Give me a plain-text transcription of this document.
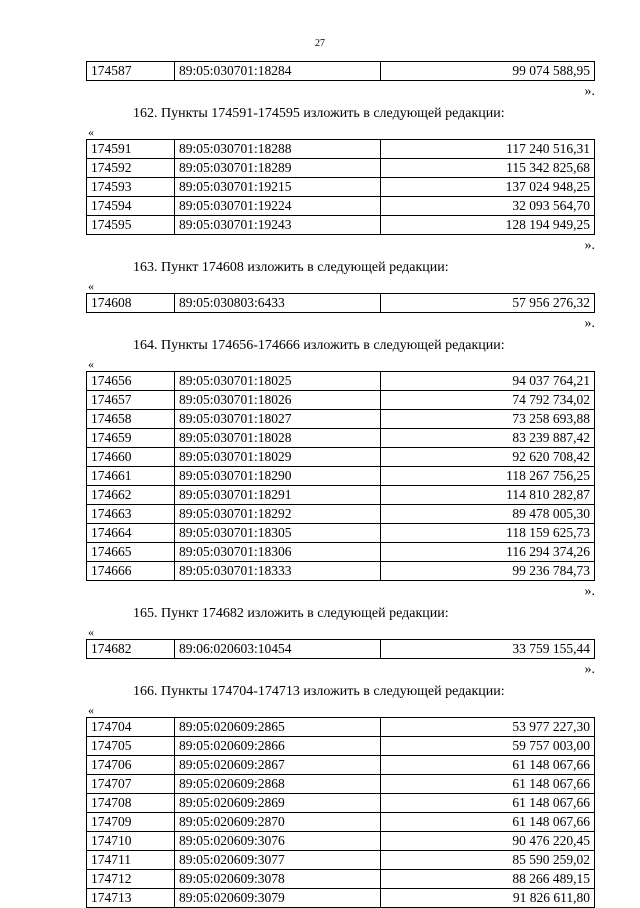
27
174587	89:05:030701:18284	99 074 588,95
».
162. Пункты 174591-174595 изложить в следующей редакции:
«
174591	89:05:030701:18288	117 240 516,31
174592	89:05:030701:18289	115 342 825,68
174593	89:05:030701:19215	137 024 948,25
174594	89:05:030701:19224	32 093 564,70
174595	89:05:030701:19243	128 194 949,25
».
163. Пункт 174608 изложить в следующей редакции:
«
174608	89:05:030803:6433	57 956 276,32
».
164. Пункты 174656-174666 изложить в следующей редакции:
«
174656	89:05:030701:18025	94 037 764,21
174657	89:05:030701:18026	74 792 734,02
174658	89:05:030701:18027	73 258 693,88
174659	89:05:030701:18028	83 239 887,42
174660	89:05:030701:18029	92 620 708,42
174661	89:05:030701:18290	118 267 756,25
174662	89:05:030701:18291	114 810 282,87
174663	89:05:030701:18292	89 478 005,30
174664	89:05:030701:18305	118 159 625,73
174665	89:05:030701:18306	116 294 374,26
174666	89:05:030701:18333	99 236 784,73
».
165. Пункт 174682 изложить в следующей редакции:
«
174682	89:06:020603:10454	33 759 155,44
».
166. Пункты 174704-174713 изложить в следующей редакции:
«
174704	89:05:020609:2865	53 977 227,30
174705	89:05:020609:2866	59 757 003,00
174706	89:05:020609:2867	61 148 067,66
174707	89:05:020609:2868	61 148 067,66
174708	89:05:020609:2869	61 148 067,66
174709	89:05:020609:2870	61 148 067,66
174710	89:05:020609:3076	90 476 220,45
174711	89:05:020609:3077	85 590 259,02
174712	89:05:020609:3078	88 266 489,15
174713	89:05:020609:3079	91 826 611,80
